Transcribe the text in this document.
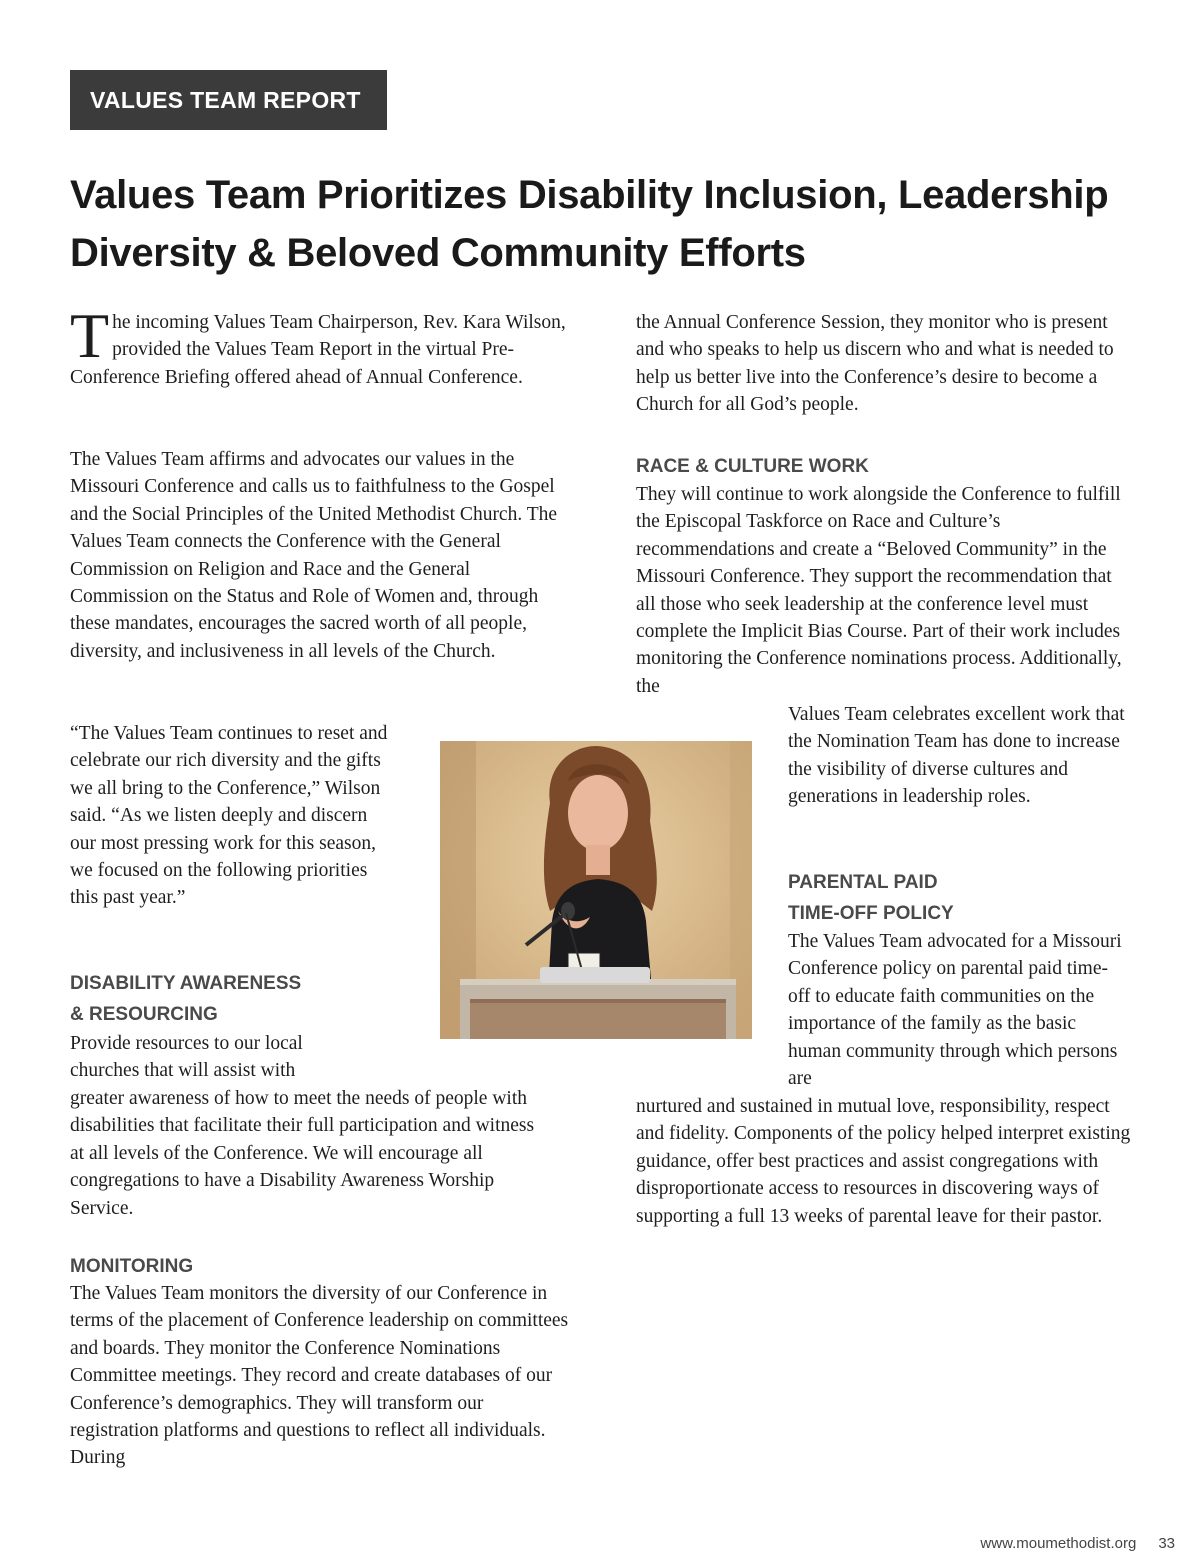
VALUES TEAM REPORT
Values Team Prioritizes Disability Inclusion, Leadership
Diversity & Beloved Community Efforts

The incoming Values Team Chairperson, Rev. Kara Wilson, provided the Values Team Report in the virtual Pre-Conference Briefing offered ahead of Annual Conference.

The Values Team affirms and advocates our values in the Missouri Conference and calls us to faithfulness to the Gospel and the Social Principles of the United Methodist Church. The Values Team connects the Conference with the General Commission on Religion and Race and the General Commission on the Status and Role of Women and, through these mandates, encourages the sacred worth of all people, diversity, and inclusiveness in all levels of the Church.

“The Values Team continues to reset and celebrate our rich diversity and the gifts we all bring to the Conference,” Wilson said. “As we listen deeply and discern our most pressing work for this season, we focused on the following priorities this past year.”

DISABILITY AWARENESS
& RESOURCING

Provide resources to our local churches that will assist with

greater awareness of how to meet the needs of people with disabilities that facilitate their full participation and witness at all levels of the Conference. We will encourage all congregations to have a Disability Awareness Worship Service.

MONITORING

The Values Team monitors the diversity of our Conference in terms of the placement of Conference leadership on committees and boards. They monitor the Conference Nominations Committee meetings. They record and create databases of our Conference’s demographics. They will transform our registration platforms and questions to reflect all individuals. During

the Annual Conference Session, they monitor who is present and who speaks to help us discern who and what is needed to help us better live into the Conference’s desire to become a Church for all God’s people.

RACE & CULTURE WORK

They will continue to work alongside the Conference to fulfill the Episcopal Taskforce on Race and Culture’s recommendations and create a “Beloved Community” in the Missouri Conference. They support the recommendation that all those who seek leadership at the conference level must complete the Implicit Bias Course. Part of their work includes monitoring the Conference nominations process. Additionally, the

Values Team celebrates excellent work that the Nomination Team has done to increase the visibility of diverse cultures and generations in leadership roles.

PARENTAL PAID
TIME-OFF POLICY

The Values Team advocated for a Missouri Conference policy on parental paid time-off to educate faith communities on the importance of the family as the basic human community through which persons are

nurtured and sustained in mutual love, responsibility, respect and fidelity. Components of the policy helped interpret existing guidance, offer best practices and assist congregations with disproportionate access to resources in discovering ways of supporting a full 13 weeks of parental leave for their pastor.

www.moumethodist.org 33
